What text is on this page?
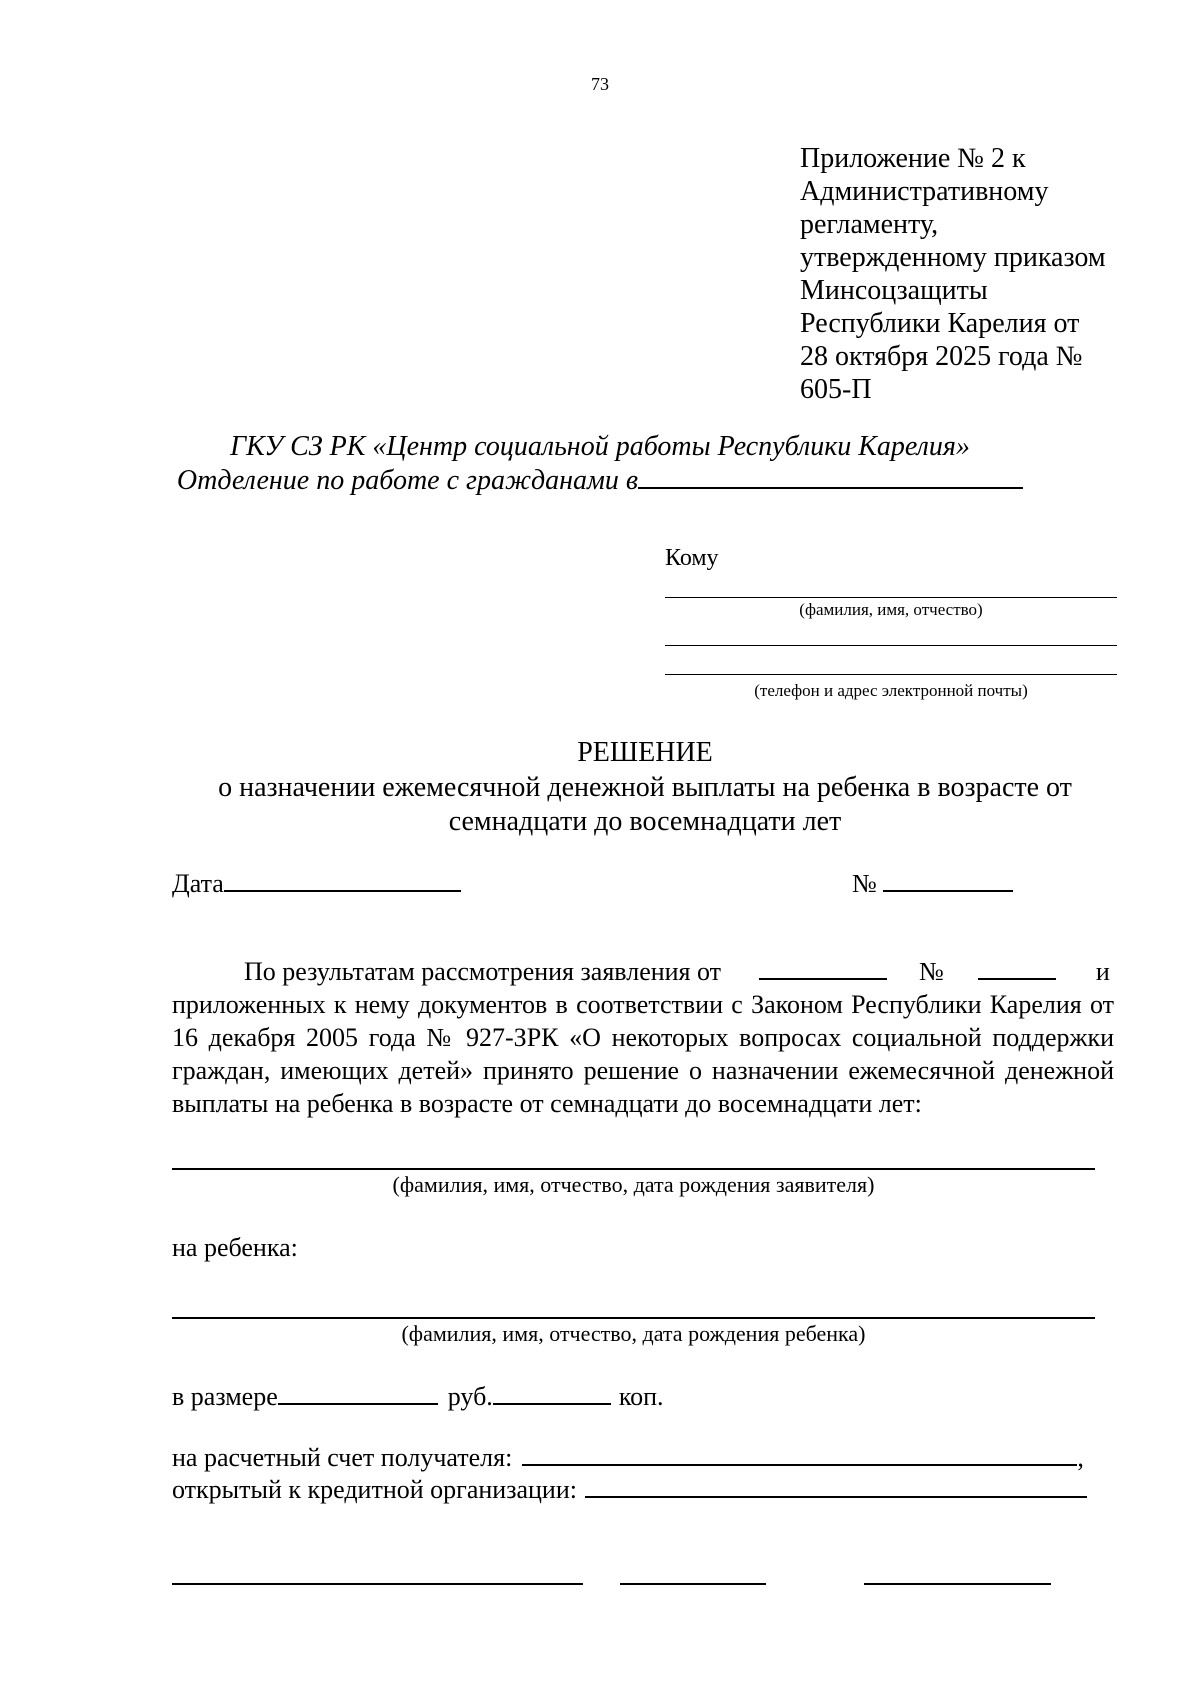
73
Приложение № 2 к
Административному
регламенту,
утвержденному приказом
Минсоцзащиты
Республики Карелия от
28 октября 2025 года №
605-П
ГКУ СЗ РК «Центр социальной работы Республики Карелия»
Отделение по работе с гражданами в
Кому
(фамилия, имя, отчество)
(телефон и адрес электронной почты)
РЕШЕНИЕ
о назначении ежемесячной денежной выплаты на ребенка в возрасте от
семнадцати до восемнадцати лет
Дата	№
По результатам рассмотрения заявления от	№	и
приложенных к нему документов в соответствии с Законом Республики Карелия от 16 декабря 2005 года № 927-ЗРК «О некоторых вопросах социальной поддержки граждан, имеющих детей» принято решение о назначении ежемесячной денежной выплаты на ребенка в возрасте от семнадцати до восемнадцати лет:
(фамилия, имя, отчество, дата рождения заявителя)
на ребенка:
(фамилия, имя, отчество, дата рождения ребенка)
в размере	руб.	коп.
на расчетный счет получателя:	,
открытый к кредитной организации:
